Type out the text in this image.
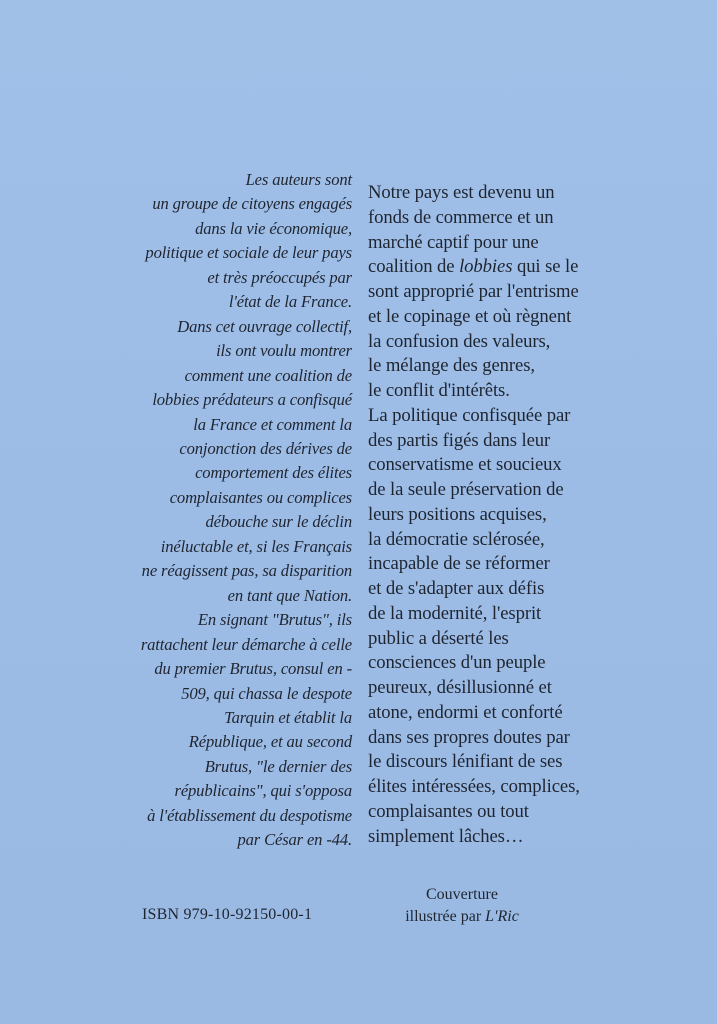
Les auteurs sont
un groupe de citoyens engagés
dans la vie économique,
politique et sociale de leur pays
et très préoccupés par
l'état de la France.
Dans cet ouvrage collectif,
ils ont voulu montrer
comment une coalition de
lobbies prédateurs a confisqué
la France et comment la
conjonction des dérives de
comportement des élites
complaisantes ou complices
débouche sur le déclin
inéluctable et, si les Français
ne réagissent pas, sa disparition
en tant que Nation.
En signant "Brutus", ils
rattachent leur démarche à celle
du premier Brutus, consul en -
509, qui chassa le despote
Tarquin et établit la
République, et au second
Brutus, "le dernier des
républicains", qui s'opposa
à l'établissement du despotisme
par César en -44.
Notre pays est devenu un
fonds de commerce et un
marché captif pour une
coalition de lobbies qui se le
sont approprié par l'entrisme
et le copinage et où règnent
la confusion des valeurs,
le mélange des genres,
le conflit d'intérêts.
La politique confisquée par
des partis figés dans leur
conservatisme et soucieux
de la seule préservation de
leurs positions acquises,
la démocratie sclérosée,
incapable de se réformer
et de s'adapter aux défis
de la modernité, l'esprit
public a déserté les
consciences d'un peuple
peureux, désillusionné et
atone, endormi et conforté
dans ses propres doutes par
le discours lénifiant de ses
élites intéressées, complices,
complaisantes ou tout
simplement lâches…
ISBN 979-10-92150-00-1
Couverture
illustrée par L'Ric
